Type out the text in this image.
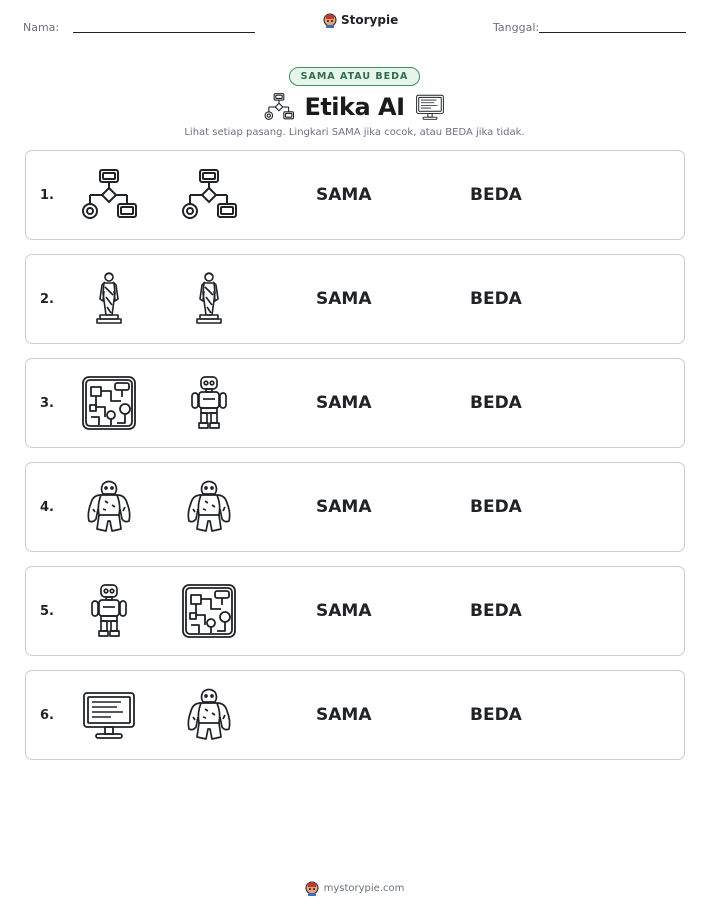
Nama:
Storypie
Tanggal:
SAMA ATAU BEDA
Etika AI
Lihat setiap pasang. Lingkari SAMA jika cocok, atau BEDA jika tidak.
1.	SAMA	BEDA
2.	SAMA	BEDA
3.	SAMA	BEDA
4.	SAMA	BEDA
5.	SAMA	BEDA
6.	SAMA	BEDA
mystorypie.com
